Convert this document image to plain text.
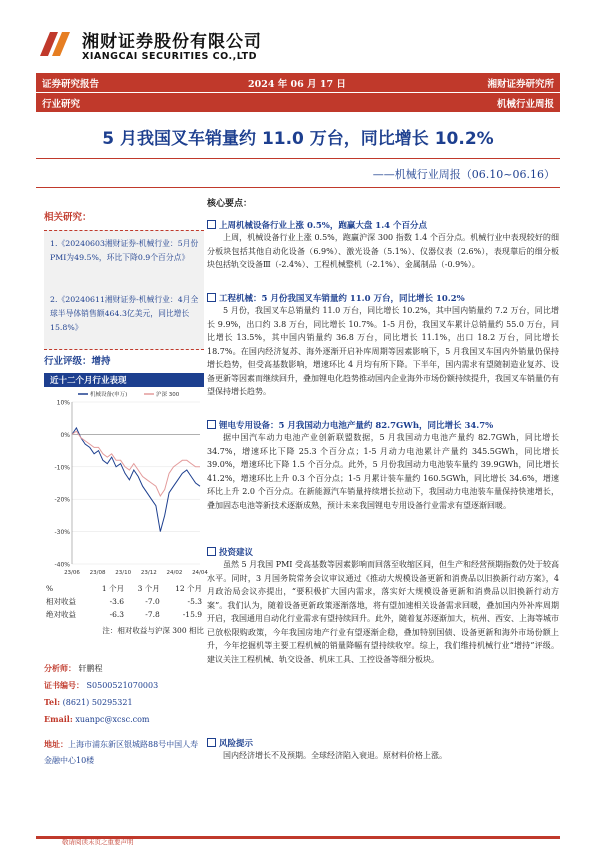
湘财证券股份有限公司
XIANGCAI SECURITIES CO.,LTD
证券研究报告	2024 年 06 月 17 日	湘财证券研究所
行业研究	机械行业周报
5 月我国叉车销量约 11.0 万台，同比增长 10.2%
——机械行业周报（06.10~06.16）
相关研究：
1.《20240603湘财证券-机械行业：5月份PMI为49.5%，环比下降0.9个百分点》
2.《20240611湘财证券-机械行业：4月全球半导体销售额464.3亿美元，同比增长15.8%》
行业评级：增持
近十二个月行业表现
10%
0%
-10%
-20%
-30%
-40%
23/06 23/08 23/10 23/12 24/02 24/04
机械设备(申万)	沪深 300
%	1 个月	3 个月	12 个月
相对收益	-3.6	-7.0	-5.3
绝对收益	-6.3	-7.8	-15.9
注：相对收益与沪深 300 相比
分析师： 轩鹏程
证书编号： S0500521070003
Tel: (8621) 50295321
Email: xuanpc@xcsc.com
地址：上海市浦东新区银城路88号中国人寿金融中心10楼
核心要点：
上周机械设备行业上涨 0.5%，跑赢大盘 1.4 个百分点
上周，机械设备行业上涨 0.5%，跑赢沪深 300 指数 1.4 个百分点。机械行业中表现较好的细分板块包括其他自动化设备（6.9%）、激光设备（5.1%）、仪器仪表（2.6%），表现靠后的细分板块包括轨交设备Ⅲ（-2.4%）、工程机械整机（-2.1%）、金属制品（-0.9%）。
工程机械：5 月份我国叉车销量约 11.0 万台，同比增长 10.2%
5 月份，我国叉车总销量约 11.0 万台，同比增长 10.2%，其中国内销量约 7.2 万台，同比增长 9.9%，出口约 3.8 万台，同比增长 10.7%。1-5 月份，我国叉车累计总销量约 55.0 万台，同比增长 13.5%，其中国内销量约 36.8 万台，同比增长 11.1%，出口 18.2 万台，同比增长 18.7%。在国内经济复苏、海外逐渐开启补库周期等因素影响下，5 月我国叉车国内外销量仍保持增长趋势，但受高基数影响，增速环比 4 月均有所下降。下半年，国内需求有望随制造业复苏、设备更新等因素而继续回升，叠加锂电化趋势推动国内企业海外市场份额持续提升，我国叉车销量仍有望保持增长趋势。
锂电专用设备：5 月我国动力电池产量约 82.7GWh，同比增长 34.7%
据中国汽车动力电池产业创新联盟数据，5 月我国动力电池产量约 82.7GWh，同比增长 34.7%，增速环比下降 25.3 个百分点；1-5 月动力电池累计产量约 345.5GWh，同比增长 39.0%，增速环比下降 1.5 个百分点。此外，5 月份我国动力电池装车量约 39.9GWh，同比增长 41.2%，增速环比上升 0.3 个百分点；1-5 月累计装车量约 160.5GWh，同比增长 34.6%，增速环比上升 2.0 个百分点。在新能源汽车销量持续增长拉动下，我国动力电池装车量保持快速增长，叠加固态电池等新技术逐渐成熟，预计未来我国锂电专用设备行业需求有望逐渐回暖。
投资建议
虽然 5 月我国 PMI 受高基数等因素影响而回落至收缩区间，但生产和经营预期指数仍处于较高水平。同时，3 月国务院常务会议审议通过《推动大规模设备更新和消费品以旧换新行动方案》，4 月政治局会议亦提出，“要积极扩大国内需求，落实好大规模设备更新和消费品以旧换新行动方案”。我们认为，随着设备更新政策逐渐落地，将有望加速相关设备需求回暖，叠加国内外补库周期开启，我国通用自动化行业需求有望持续回升。此外，随着复苏逐渐加大，杭州、西安、上海等城市已放松限购政策，今年我国房地产行业有望逐渐企稳，叠加特别国债、设备更新和海外市场份额上升，今年挖掘机等主要工程机械的销量降幅有望持续收窄。综上，我们维持机械行业“增持”评级。建议关注工程机械、轨交设备、机床工具、工控设备等细分板块。
风险提示
国内经济增长不及预期。全球经济陷入衰退。原材料价格上涨。
敬请阅读末页之重要声明
